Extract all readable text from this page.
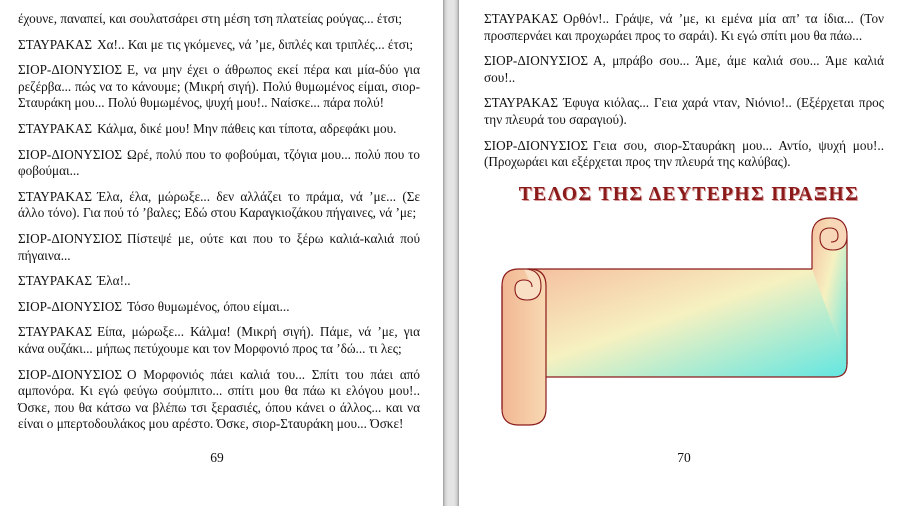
έχουνε, παναπεί, και σουλατσάρει στη μέση τση πλατείας ρούγας... έτσι;
ΣΤΑΥΡΑΚΑΣ Χα!.. Και με τις γκόμενες, νά ’με, διπλές και τριπλές... έτσι;
ΣΙΟΡ-ΔΙΟΝΥΣΙΟΣ Ε, να μην έχει ο άθρωπος εκεί πέρα και μία-δύο για ρεζέρβα... πώς να το κάνουμε; (Μικρή σιγή). Πολύ θυμωμένος είμαι, σιορ-Σταυράκη μου... Πολύ θυμωμένος, ψυχή μου!.. Ναίσκε... πάρα πολύ!
ΣΤΑΥΡΑΚΑΣ Κάλμα, δικέ μου! Μην πάθεις και τίποτα, αδρεφάκι μου.
ΣΙΟΡ-ΔΙΟΝΥΣΙΟΣ Ωρέ, πολύ που το φοβούμαι, τζόγια μου... πολύ που το φοβούμαι...
ΣΤΑΥΡΑΚΑΣ Έλα, έλα, μώρωξε... δεν αλλάζει το πράμα, νά ’με... (Σε άλλο τόνο). Για πού τό ’βαλες; Εδώ στου Καραγκιοζάκου πήγαινες, νά ’με;
ΣΙΟΡ-ΔΙΟΝΥΣΙΟΣ Πίστεψέ με, ούτε και που το ξέρω καλιά-καλιά πού πήγαινα...
ΣΤΑΥΡΑΚΑΣ Έλα!..
ΣΙΟΡ-ΔΙΟΝΥΣΙΟΣ Τόσο θυμωμένος, όπου είμαι...
ΣΤΑΥΡΑΚΑΣ Είπα, μώρωξε... Κάλμα! (Μικρή σιγή). Πάμε, νά ’με, για κάνα ουζάκι... μήπως πετύχουμε και τον Μορφονιό προς τα ’δώ... τι λες;
ΣΙΟΡ-ΔΙΟΝΥΣΙΟΣ Ο Μορφονιός πάει καλιά του... Σπίτι του πάει από αμπονόρα. Κι εγώ φεύγω σούμπιτο... σπίτι μου θα πάω κι ελόγου μου!.. Όσκε, που θα κάτσω να βλέπω τσι ξερασιές, όπου κάνει ο άλλος... και να είναι ο μπερτοδουλάκος μου αρέστο. Όσκε, σιορ-Σταυράκη μου... Όσκε!
69
ΣΤΑΥΡΑΚΑΣ Ορθόν!.. Γράψε, νά ’με, κι εμένα μία απ’ τα ίδια... (Τον προσπερνάει και προχωράει προς το σαράι). Κι εγώ σπίτι μου θα πάω...
ΣΙΟΡ-ΔΙΟΝΥΣΙΟΣ Α, μπράβο σου... Άμε, άμε καλιά σου... Άμε καλιά σου!..
ΣΤΑΥΡΑΚΑΣ Έφυγα κιόλας... Γεια χαρά νταν, Νιόνιο!.. (Εξέρχεται προς την πλευρά του σαραγιού).
ΣΙΟΡ-ΔΙΟΝΥΣΙΟΣ Γεια σου, σιορ-Σταυράκη μου... Αντίο, ψυχή μου!.. (Προχωράει και εξέρχεται προς την πλευρά της καλύβας).
ΤΕΛΟΣ ΤΗΣ ΔΕΥΤΕΡΗΣ ΠΡΑΞΗΣ
70
